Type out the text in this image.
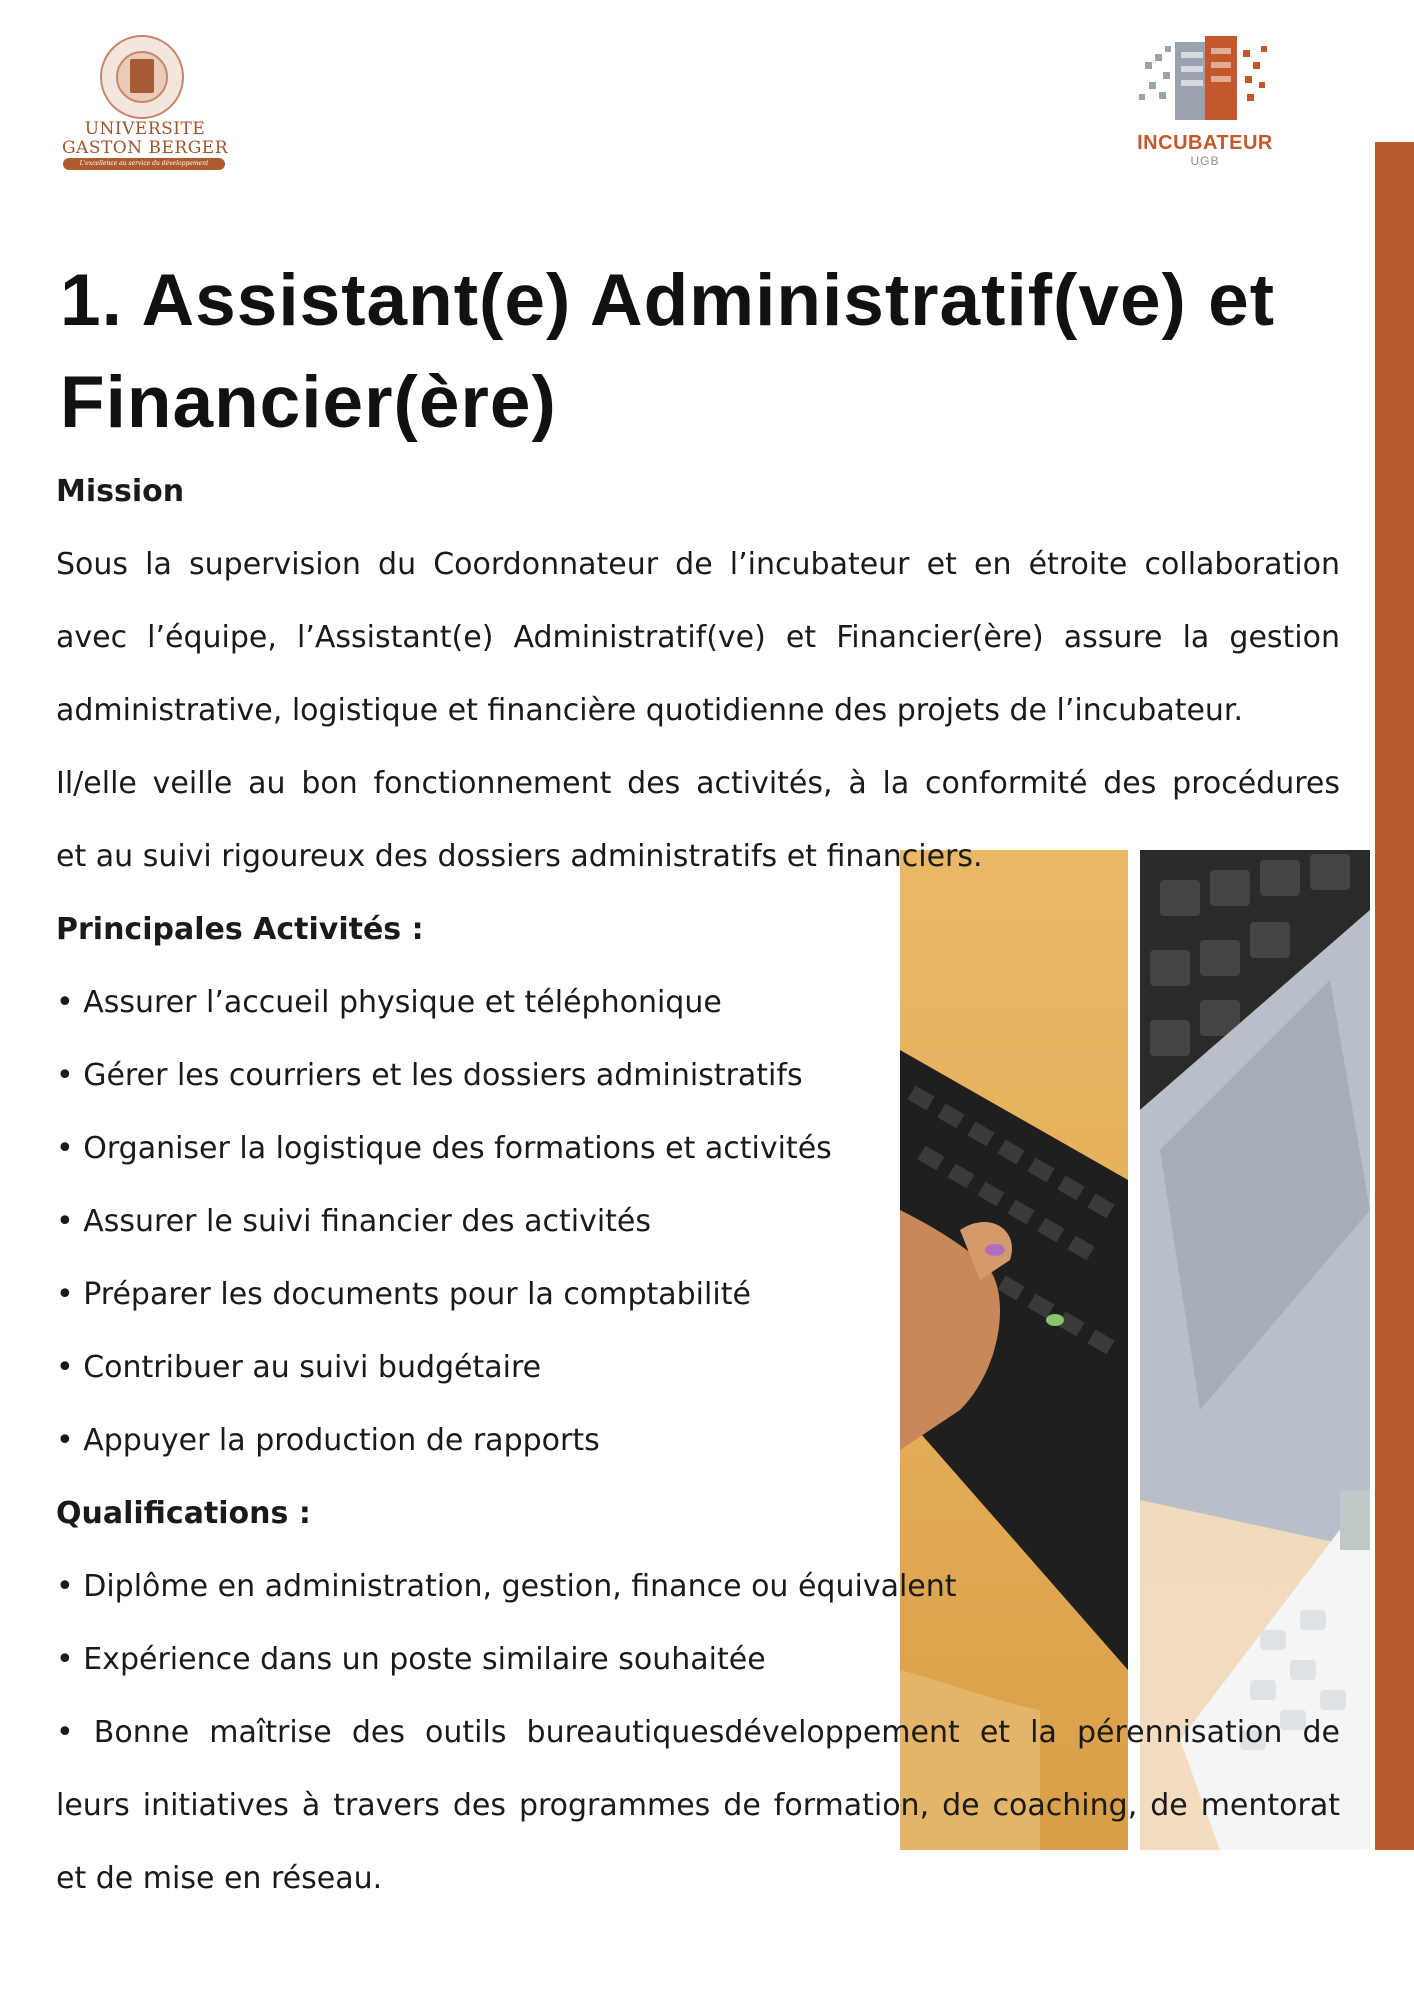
UNIVERSITE
GASTON BERGER
L'excellence au service du développement
INCUBATEUR
UGB
1. Assistant(e) Administratif(ve) et
Financier(ère)
Mission
Sous la supervision du Coordonnateur de l’incubateur et en étroite collaboration
avec l’équipe, l’Assistant(e) Administratif(ve) et Financier(ère) assure la gestion
administrative, logistique et financière quotidienne des projets de l’incubateur.
Il/elle veille au bon fonctionnement des activités, à la conformité des procédures
et au suivi rigoureux des dossiers administratifs et financiers.
Principales Activités :
• Assurer l’accueil physique et téléphonique
• Gérer les courriers et les dossiers administratifs
• Organiser la logistique des formations et activités
• Assurer le suivi financier des activités
• Préparer les documents pour la comptabilité
• Contribuer au suivi budgétaire
• Appuyer la production de rapports
Qualifications :
• Diplôme en administration, gestion, finance ou équivalent
• Expérience dans un poste similaire souhaitée
• Bonne maîtrise des outils bureautiquesdéveloppement et la pérennisation de
leurs initiatives à travers des programmes de formation, de coaching, de mentorat
et de mise en réseau.
